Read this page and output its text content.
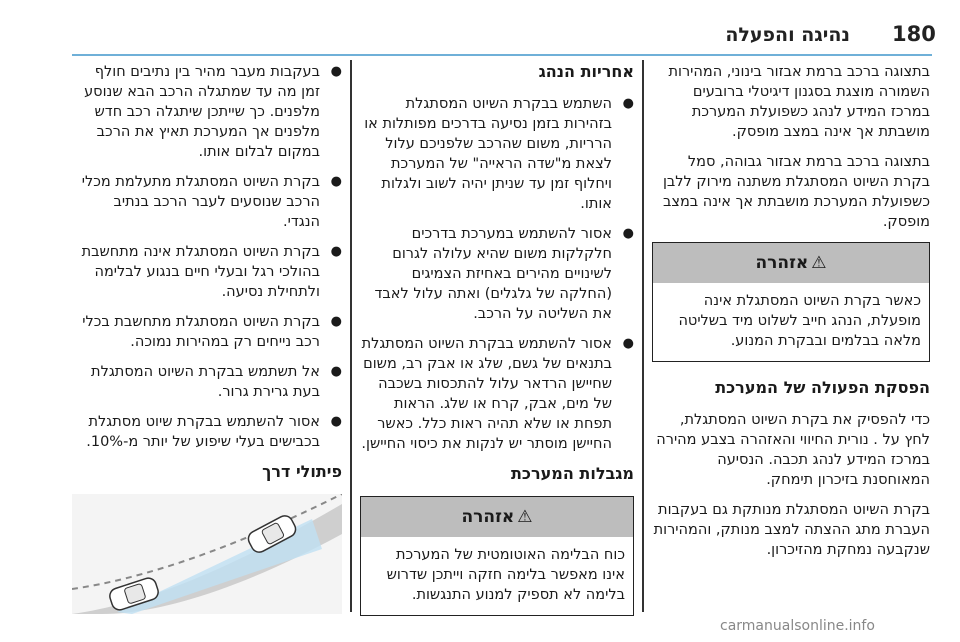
180
נהיגה והפעלה

בתצוגה ברכב ברמת אבזור בינוני, המהירות השמורה מוצגת בסגנון דיגיטלי ברובעים במרכז המידע לנהג כשפועלת המערכת מושבתת אך אינה במצב מופסק.

בתצוגה ברכב ברמת אבזור גבוהה, סמל בקרת השיוט המסתגלת משתנה מירוק ללבן כשפועלת המערכת מושבתת אך אינה במצב מופסק.

⚠
אזהרה
כאשר בקרת השיוט המסתגלת אינה מופעלת, הנהג חייב לשלוט מיד בשליטה מלאה בבלמים ובבקרת המנוע.

הפסקת הפעולה של המערכת

כדי להפסיק את בקרת השיוט המסתגלת, לחץ על . נורית החיווי והאזהרה בצבע מהירה במרכז המידע לנהג תכבה. הנסיעה המאוחסנת בזיכרון תימחק.

בקרת השיוט המסתגלת מנותקת גם בעקבות העברת מתג ההצתה למצב מנותק, והמהירות שנקבעה נמחקת מהזיכרון.

אחריות הנהג

● השתמש בבקרת השיוט המסתגלת בזהירות בזמן נסיעה בדרכים מפותלות או הרריות, משום שהרכב שלפניכם עלול לצאת מ"שדה הראייה" של המערכת ויחלוף זמן עד שניתן יהיה לשוב ולגלות אותו.
● אסור להשתמש במערכת בדרכים חלקלקות משום שהיא עלולה לגרום לשינויים מהירים באחיזת הצמיגים (החלקה של גלגלים) ואתה עלול לאבד את השליטה על הרכב.
● אסור להשתמש בבקרת השיוט המסתגלת בתנאים של גשם, שלג או אבק רב, משום שחיישן הרדאר עלול להתכסות בשכבה של מים, אבק, קרח או שלג. הראות תפחת או שלא תהיה ראות כלל. כאשר החיישן מוסתר יש לנקות את כיסוי החיישן.

מגבלות המערכת

⚠
אזהרה
כוח הבלימה האוטומטית של המערכת אינו מאפשר בלימה חזקה וייתכן שדרוש בלימה לא תספיק למנוע התנגשות.
● בעקבות מעבר מהיר בין נתיבים חולף זמן מה עד שמתגלה הרכב הבא שנוסע מלפנים. כך שייתכן שיתגלה רכב חדש מלפנים אך המערכת תאיץ את הרכב במקום לבלום אותו.
● בקרת השיוט המסתגלת מתעלמת מכלי הרכב שנוסעים לעבר הרכב בנתיב הנגדי.
● בקרת השיוט המסתגלת אינה מתחשבת בהולכי רגל ובעלי חיים בנגוע לבלימה ולתחילת נסיעה.
● בקרת השיוט המסתגלת מתחשבת בכלי רכב נייחים רק במהירות נמוכה.
● אל תשתמש בבקרת השיוט המסתגלת בעת גרירת גרור.
● אסור להשתמש בבקרת שיוט מסתגלת בכבישים בעלי שיפוע של יותר מ-10%.

פיתולי דרך

carmanualsonline.info
